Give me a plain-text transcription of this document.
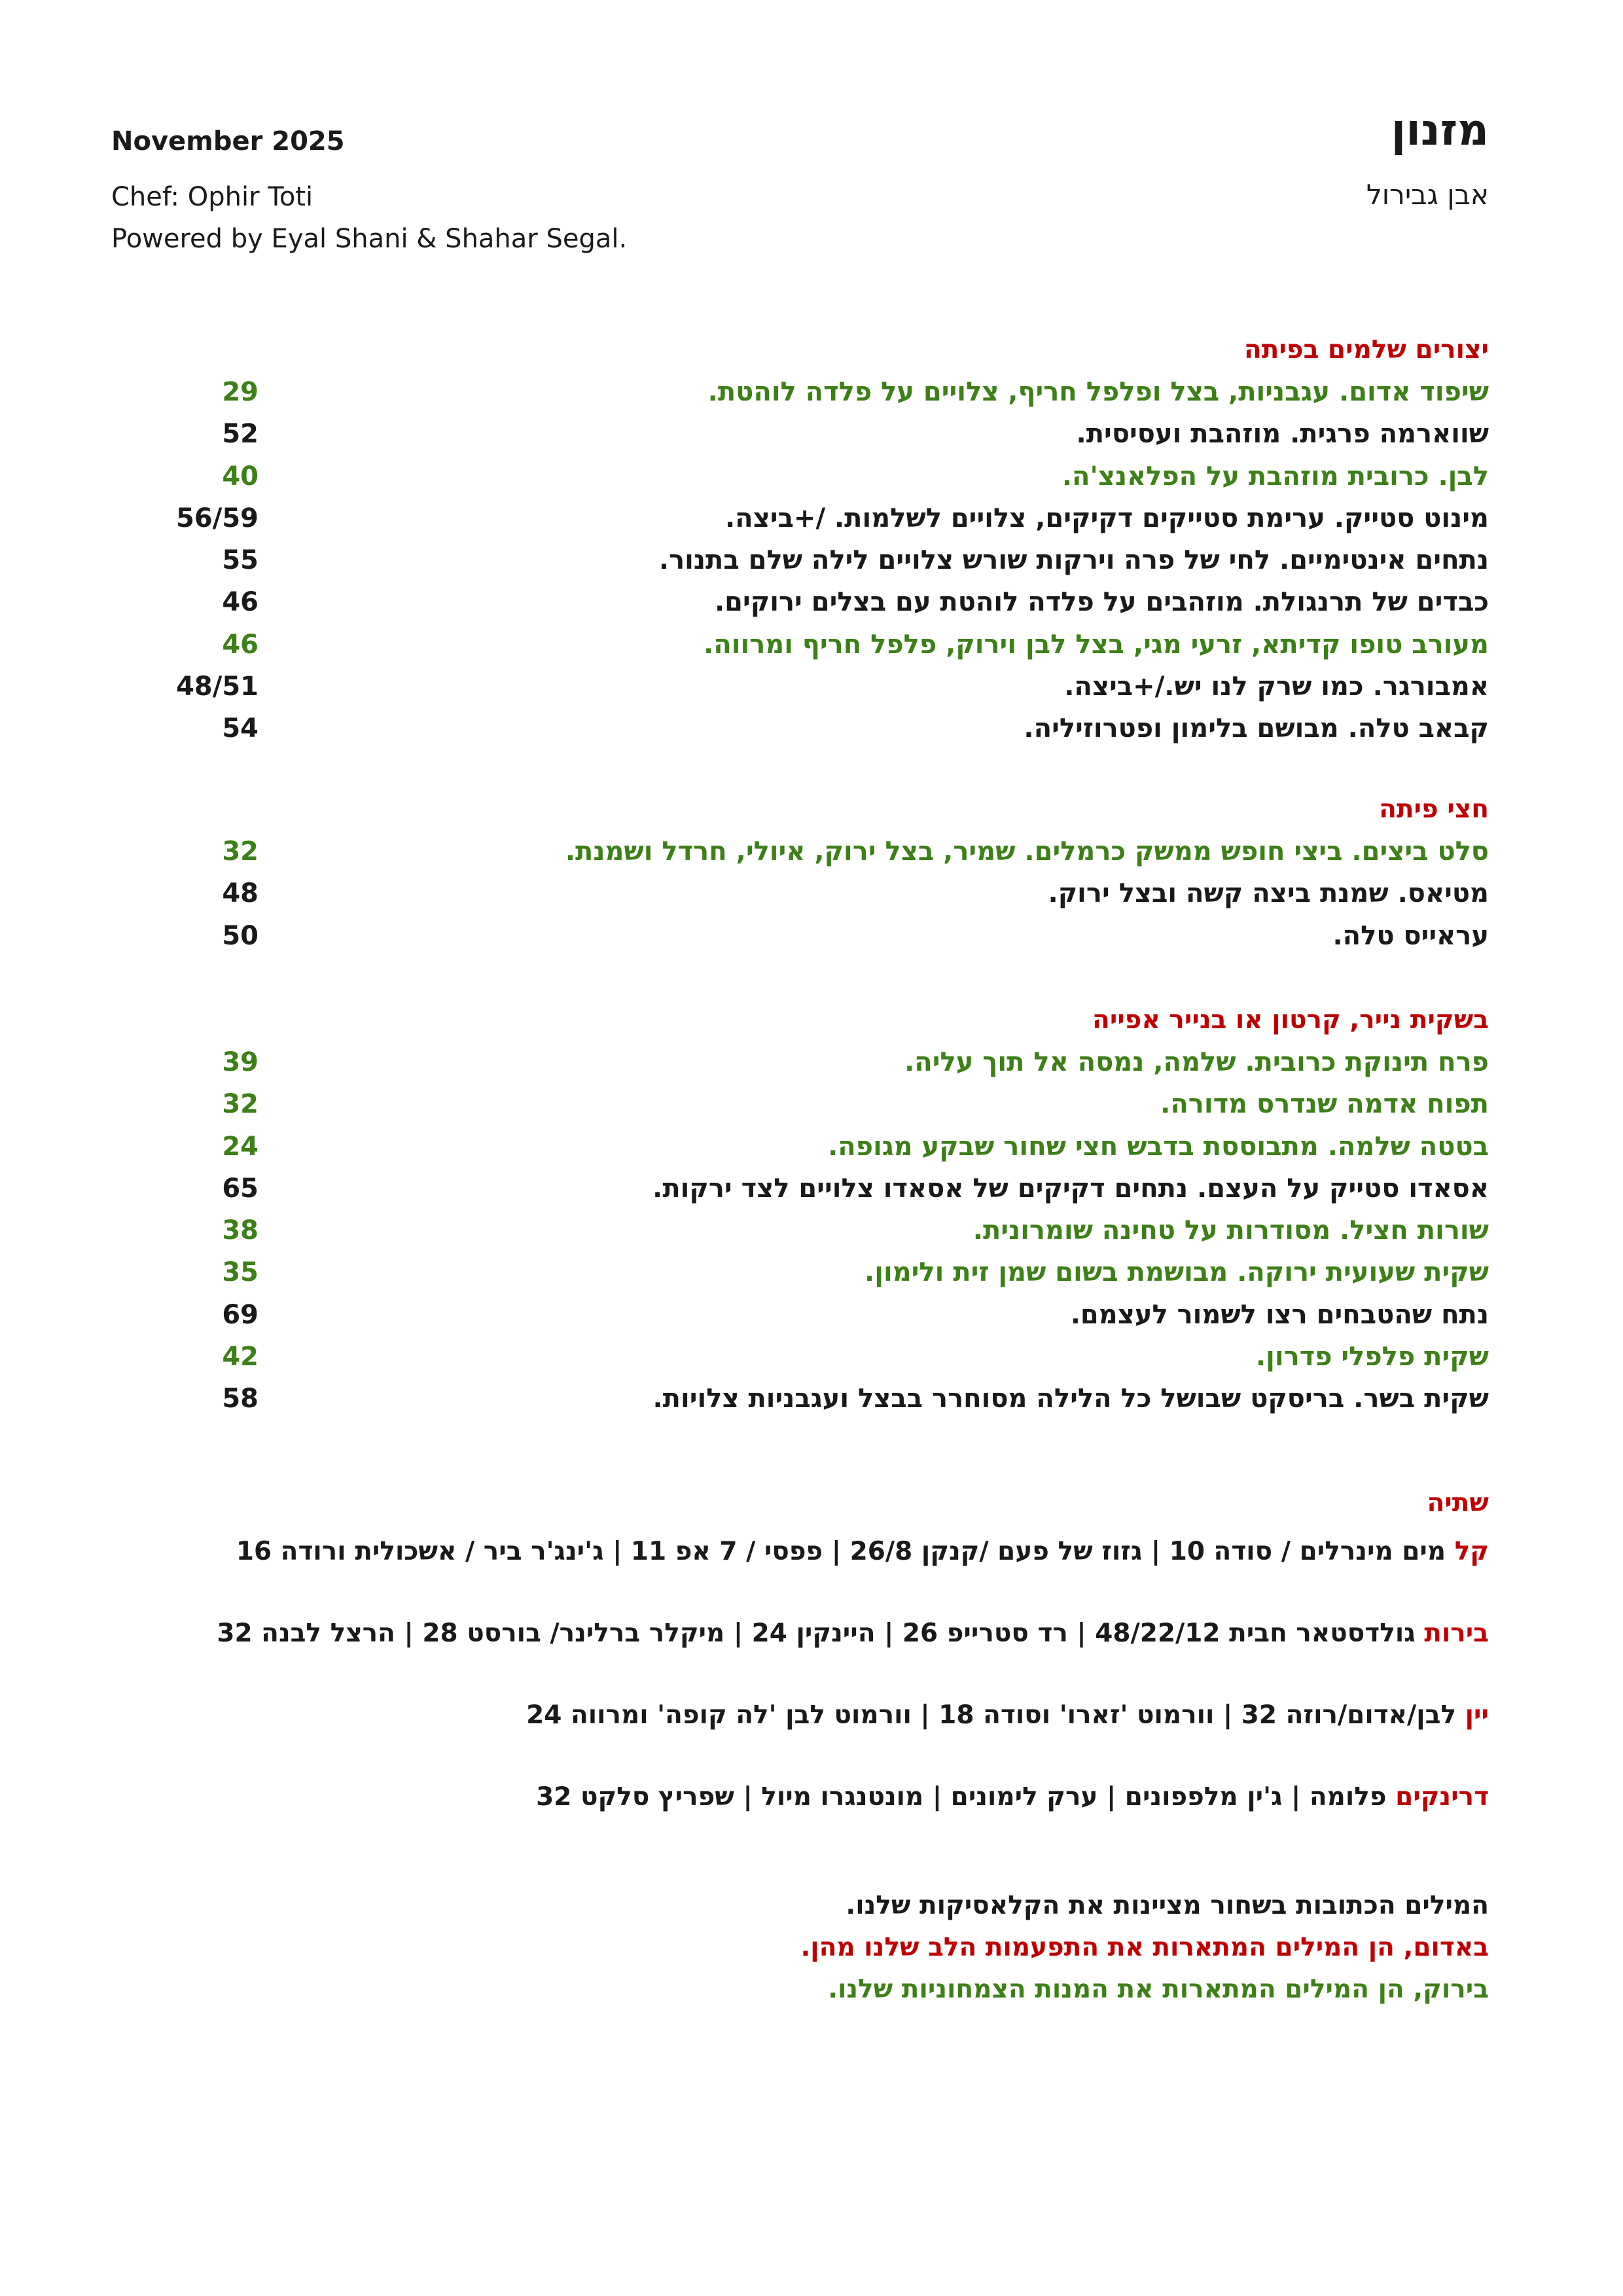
מזנון
אבן גבירול
November 2025
Chef: Ophir Toti
Powered by Eyal Shani & Shahar Segal.
יצורים שלמים בפיתה
שיפוד אדום. עגבניות, בצל ופלפל חריף, צלויים על פלדה לוהטת.
29
שווארמה פרגית. מוזהבת ועסיסית.
52
לבן. כרובית מוזהבת על הפלאנצ'ה.
40
מינוט סטייק. ערימת סטייקים דקיקים, צלויים לשלמות. /+ביצה.
56/59
נתחים אינטימיים. לחי של פרה וירקות שורש צלויים לילה שלם בתנור.
55
כבדים של תרנגולת. מוזהבים על פלדה לוהטת עם בצלים ירוקים.
46
מעורב טופו קדיתא, זרעי מגי, בצל לבן וירוק, פלפל חריף ומרווה.
46
אמבורגר. כמו שרק לנו יש./+ביצה.
48/51
קבאב טלה. מבושם בלימון ופטרוזיליה.
54
חצי פיתה
סלט ביצים. ביצי חופש ממשק כרמלים. שמיר, בצל ירוק, איולי, חרדל ושמנת.
32
מטיאס. שמנת ביצה קשה ובצל ירוק.
48
עראייס טלה.
50
בשקית נייר, קרטון או בנייר אפייה
פרח תינוקת כרובית. שלמה, נמסה אל תוך עליה.
39
תפוח אדמה שנדרס מדורה.
32
בטטה שלמה. מתבוססת בדבש חצי שחור שבקע מגופה.
24
אסאדו סטייק על העצם. נתחים דקיקים של אסאדו צלויים לצד ירקות.
65
שורות חציל. מסודרות על טחינה שומרונית.
38
שקית שעועית ירוקה. מבושמת בשום שמן זית ולימון.
35
נתח שהטבחים רצו לשמור לעצמם.
69
שקית פלפלי פדרון.
42
שקית בשר. בריסקט שבושל כל הלילה מסוחרר בבצל ועגבניות צלויות.
58
שתיה
קל מים מינרלים / סודה 10 | גזוז של פעם /קנקן 26/8 | פפסי / 7 אפ 11 | ג'ינג'ר ביר / אשכולית ורודה 16
בירות גולדסטאר חבית 48/22/12 | רד סטרייפ 26 | היינקין 24 | מיקלר ברלינר/ בורסט 28 | הרצל לבנה 32
יין לבן/אדום/רוזה 32 | וורמוט 'זארו' וסודה 18 | וורמוט לבן 'לה קופה' ומרווה 24
דרינקים פלומה | ג'ין מלפפונים | ערק לימונים | מונטנגרו מיול | שפריץ סלקט 32
המילים הכתובות בשחור מציינות את הקלאסיקות שלנו.
באדום, הן המילים המתארות את התפעמות הלב שלנו מהן.
בירוק, הן המילים המתארות את המנות הצמחוניות שלנו.
